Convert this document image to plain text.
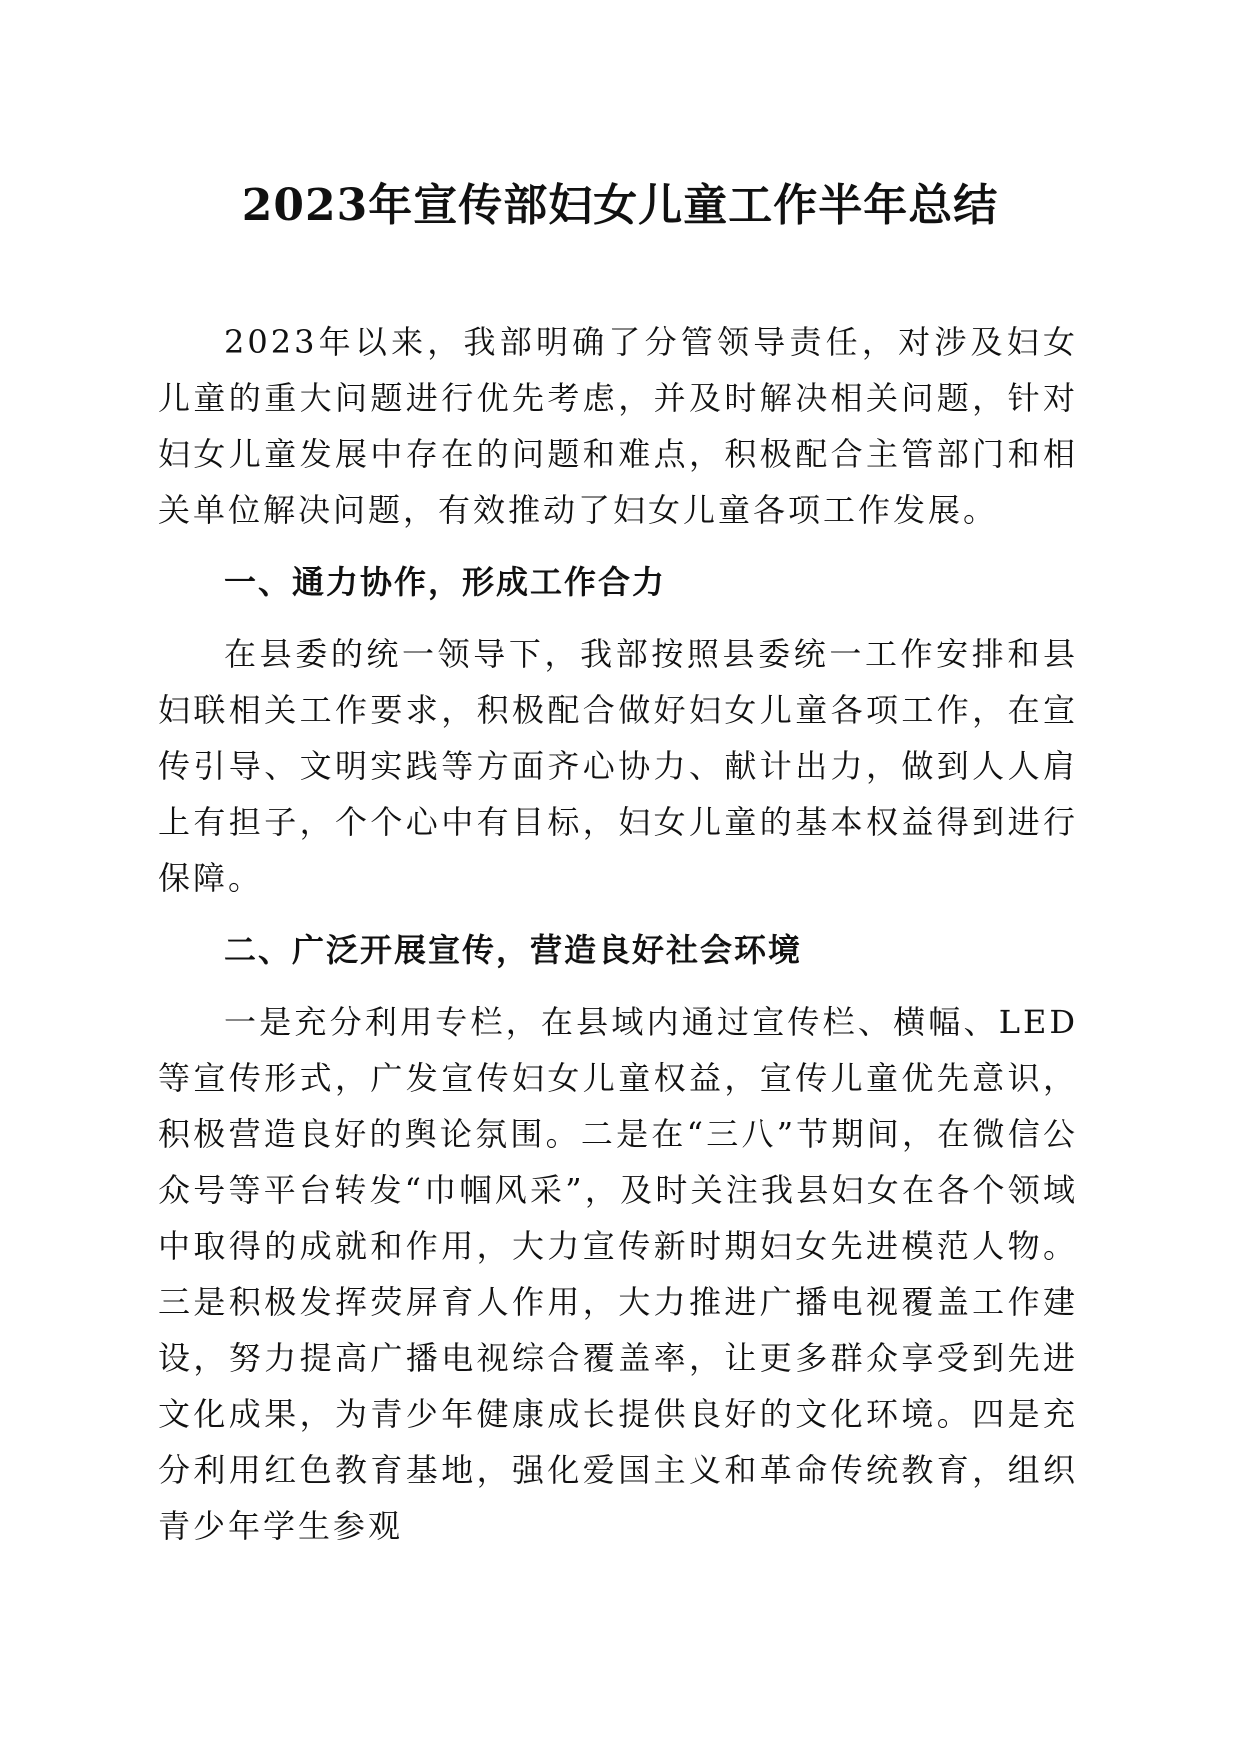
2023年宣传部妇女儿童工作半年总结

2023年以来，我部明确了分管领导责任，对涉及妇女儿童的重大问题进行优先考虑，并及时解决相关问题，针对妇女儿童发展中存在的问题和难点，积极配合主管部门和相关单位解决问题，有效推动了妇女儿童各项工作发展。

一、通力协作，形成工作合力

在县委的统一领导下，我部按照县委统一工作安排和县妇联相关工作要求，积极配合做好妇女儿童各项工作，在宣传引导、文明实践等方面齐心协力、献计出力，做到人人肩上有担子，个个心中有目标，妇女儿童的基本权益得到进行保障。

二、广泛开展宣传，营造良好社会环境

一是充分利用专栏，在县域内通过宣传栏、横幅、LED等宣传形式，广发宣传妇女儿童权益，宣传儿童优先意识，积极营造良好的舆论氛围。二是在“三八”节期间，在微信公众号等平台转发“巾帼风采”，及时关注我县妇女在各个领域中取得的成就和作用，大力宣传新时期妇女先进模范人物。三是积极发挥荧屏育人作用，大力推进广播电视覆盖工作建设，努力提高广播电视综合覆盖率，让更多群众享受到先进文化成果，为青少年健康成长提供良好的文化环境。四是充分利用红色教育基地，强化爱国主义和革命传统教育，组织青少年学生参观
